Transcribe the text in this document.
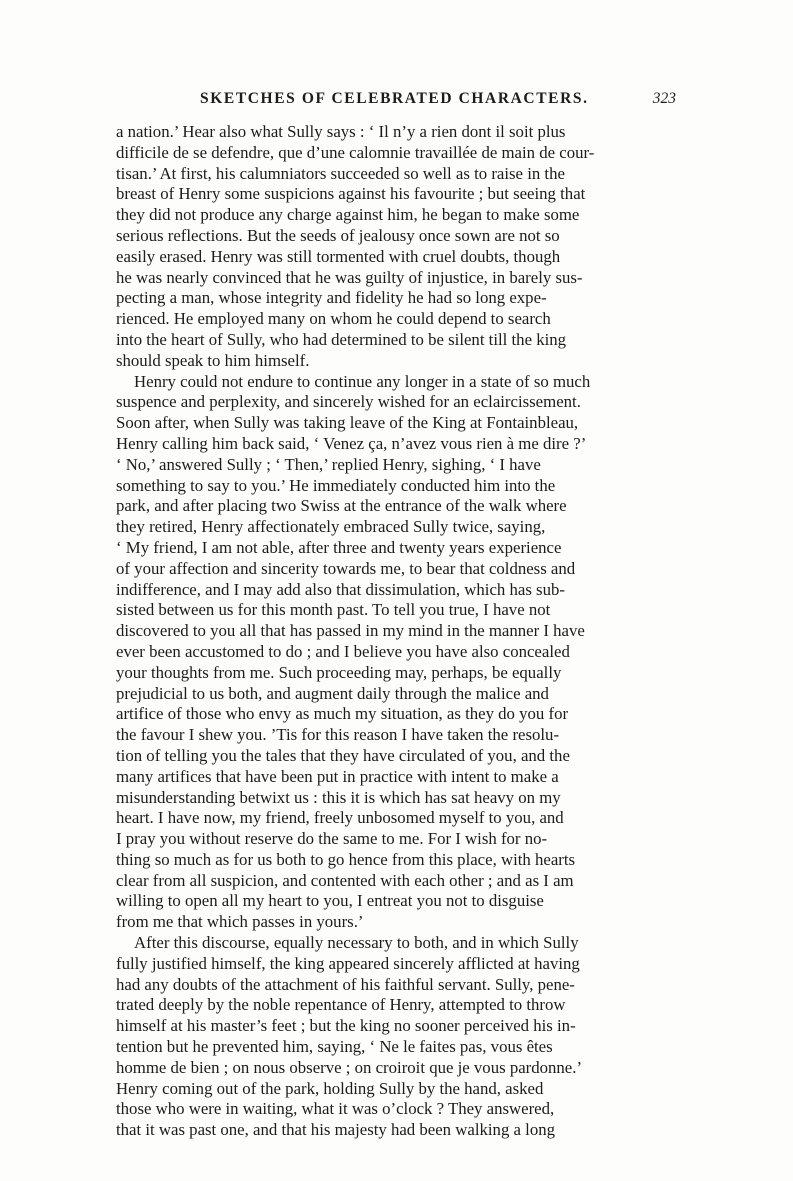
SKETCHES OF CELEBRATED CHARACTERS.	323
a nation.’ Hear also what Sully says : ‘ Il n’y a rien dont il soit plus
difficile de se defendre, que d’une calomnie travaillée de main de cour-
tisan.’ At first, his calumniators succeeded so well as to raise in the
breast of Henry some suspicions against his favourite ; but seeing that
they did not produce any charge against him, he began to make some
serious reflections. But the seeds of jealousy once sown are not so
easily erased. Henry was still tormented with cruel doubts, though
he was nearly convinced that he was guilty of injustice, in barely sus-
pecting a man, whose integrity and fidelity he had so long expe-
rienced. He employed many on whom he could depend to search
into the heart of Sully, who had determined to be silent till the king
should speak to him himself.
Henry could not endure to continue any longer in a state of so much
suspence and perplexity, and sincerely wished for an eclaircissement.
Soon after, when Sully was taking leave of the King at Fontainbleau,
Henry calling him back said, ‘ Venez ça, n’avez vous rien à me dire ?’
‘ No,’ answered Sully ; ‘ Then,’ replied Henry, sighing, ‘ I have
something to say to you.’ He immediately conducted him into the
park, and after placing two Swiss at the entrance of the walk where
they retired, Henry affectionately embraced Sully twice, saying,
‘ My friend, I am not able, after three and twenty years experience
of your affection and sincerity towards me, to bear that coldness and
indifference, and I may add also that dissimulation, which has sub-
sisted between us for this month past. To tell you true, I have not
discovered to you all that has passed in my mind in the manner I have
ever been accustomed to do ; and I believe you have also concealed
your thoughts from me. Such proceeding may, perhaps, be equally
prejudicial to us both, and augment daily through the malice and
artifice of those who envy as much my situation, as they do you for
the favour I shew you. ’Tis for this reason I have taken the resolu-
tion of telling you the tales that they have circulated of you, and the
many artifices that have been put in practice with intent to make a
misunderstanding betwixt us : this it is which has sat heavy on my
heart. I have now, my friend, freely unbosomed myself to you, and
I pray you without reserve do the same to me. For I wish for no-
thing so much as for us both to go hence from this place, with hearts
clear from all suspicion, and contented with each other ; and as I am
willing to open all my heart to you, I entreat you not to disguise
from me that which passes in yours.’
After this discourse, equally necessary to both, and in which Sully
fully justified himself, the king appeared sincerely afflicted at having
had any doubts of the attachment of his faithful servant. Sully, pene-
trated deeply by the noble repentance of Henry, attempted to throw
himself at his master’s feet ; but the king no sooner perceived his in-
tention but he prevented him, saying, ‘ Ne le faites pas, vous êtes
homme de bien ; on nous observe ; on croiroit que je vous pardonne.’
Henry coming out of the park, holding Sully by the hand, asked
those who were in waiting, what it was o’clock ? They answered,
that it was past one, and that his majesty had been walking a long
